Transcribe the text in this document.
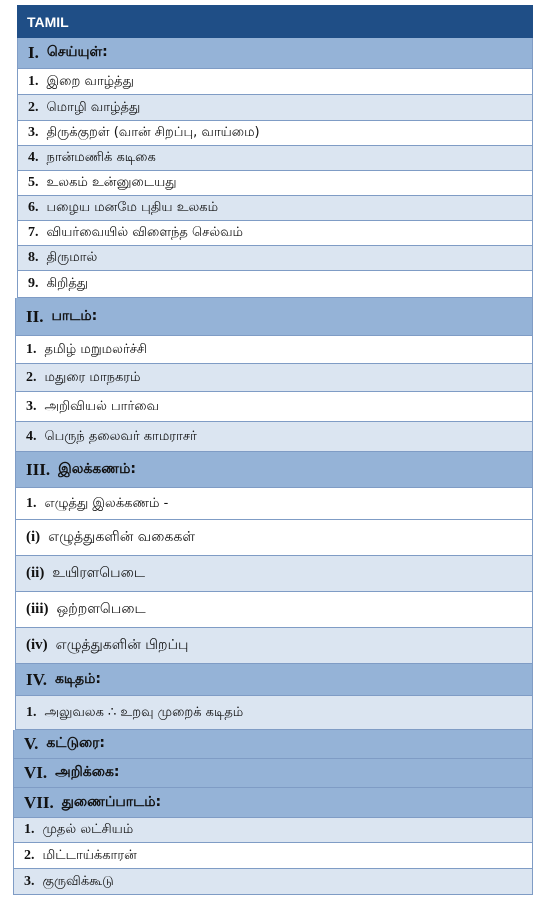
TAMIL
I. செய்யுள்:
1. இறை வாழ்த்து
2. மொழி வாழ்த்து
3. திருக்குறள் (வான் சிறப்பு, வாய்மை)
4. நான்மணிக் கடிகை
5. உலகம் உன்னுடையது
6. பழைய மனமே புதிய உலகம்
7. வியர்வையில் விளைந்த செல்வம்
8. திருமால்
9. கிறித்து
II. பாடம்:
1. தமிழ் மறுமலர்ச்சி
2. மதுரை மாநகரம்
3. அறிவியல் பார்வை
4. பெருந் தலைவர் காமராசர்
III. இலக்கணம்:
1. எழுத்து இலக்கணம் -
(i) எழுத்துகளின் வகைகள்
(ii) உயிரளபெடை
(iii) ஒற்றளபெடை
(iv) எழுத்துகளின் பிறப்பு
IV. கடிதம்:
1. அலுவலக ∴ உறவு முறைக் கடிதம்
V. கட்டுரை:
VI. அறிக்கை:
VII. துணைப்பாடம்:
1. முதல் லட்சியம்
2. மிட்டாய்க்காரன்
3. குருவிக்கூடு
